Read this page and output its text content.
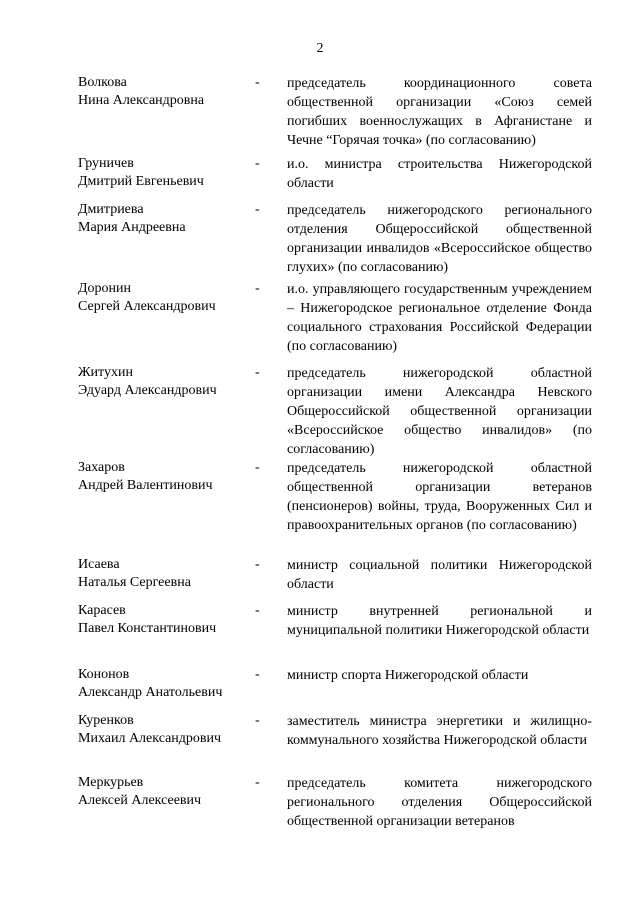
2
Волкова
Нина Александровна
-	председатель координационного совета общественной организации «Союз семей погибших военнослужащих в Афганистане и Чечне “Горячая точка» (по согласованию)
Груничев
Дмитрий Евгеньевич
-	и.о. министра строительства Нижегородской области
Дмитриева
Мария Андреевна
-	председатель нижегородского регионального отделения Общероссийской общественной организации инвалидов «Всероссийское общество глухих» (по согласованию)
Доронин
Сергей Александрович
-	и.о. управляющего государственным учреждением – Нижегородское региональное отделение Фонда социального страхования Российской Федерации (по согласованию)
Житухин
Эдуард Александрович
-	председатель нижегородской областной организации имени Александра Невского Общероссийской общественной организации «Всероссийское общество инвалидов» (по согласованию)
Захаров
Андрей Валентинович
-	председатель нижегородской областной общественной организации ветеранов (пенсионеров) войны, труда, Вооруженных Сил и правоохранительных органов (по согласованию)
Исаева
Наталья Сергеевна
-	министр социальной политики Нижегородской области
Карасев
Павел Константинович
-	министр внутренней региональной и муниципальной политики Нижегородской области
Кононов
Александр Анатольевич
-	министр спорта Нижегородской области
Куренков
Михаил Александрович
-	заместитель министра энергетики и жилищно-коммунального хозяйства Нижегородской области
Меркурьев
Алексей Алексеевич
-	председатель комитета нижегородского регионального отделения Общероссийской общественной организации ветеранов
